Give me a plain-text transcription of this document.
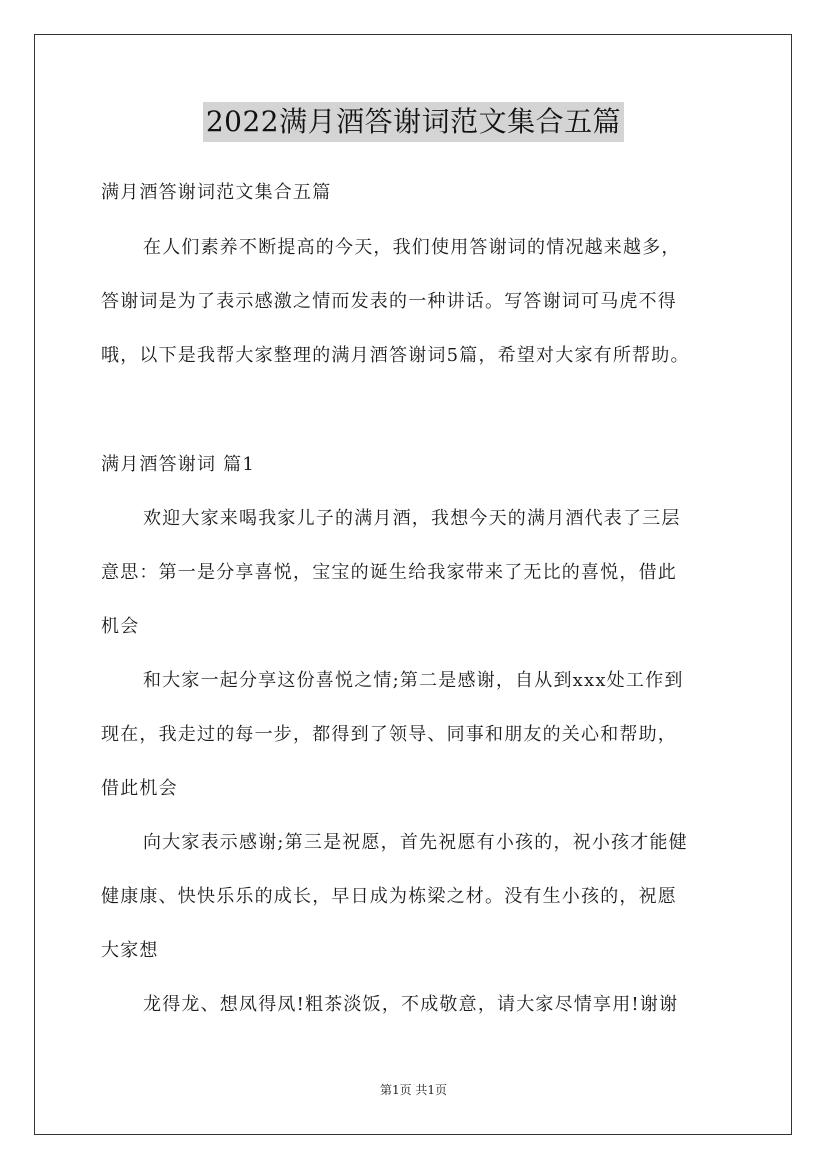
2022满月酒答谢词范文集合五篇
满月酒答谢词范文集合五篇
在人们素养不断提高的今天，我们使用答谢词的情况越来越多，
答谢词是为了表示感激之情而发表的一种讲话。写答谢词可马虎不得
哦，以下是我帮大家整理的满月酒答谢词5篇，希望对大家有所帮助。
满月酒答谢词 篇1
欢迎大家来喝我家儿子的满月酒，我想今天的满月酒代表了三层
意思：第一是分享喜悦，宝宝的诞生给我家带来了无比的喜悦，借此
机会
和大家一起分享这份喜悦之情;第二是感谢，自从到xxx处工作到
现在，我走过的每一步，都得到了领导、同事和朋友的关心和帮助，
借此机会
向大家表示感谢;第三是祝愿，首先祝愿有小孩的，祝小孩才能健
健康康、快快乐乐的成长，早日成为栋梁之材。没有生小孩的，祝愿
大家想
龙得龙、想凤得凤!粗茶淡饭，不成敬意，请大家尽情享用!谢谢
第1页 共1页
